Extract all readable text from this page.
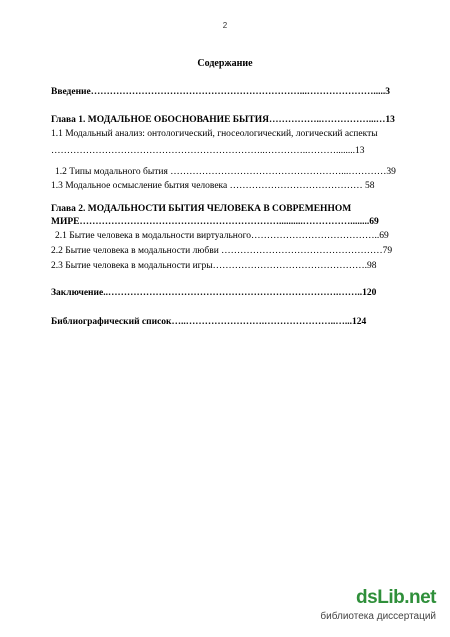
2
Содержание
Введение…………………………………………………………...………………….....3
Глава 1. МОДАЛЬНОЕ ОБОСНОВАНИЕ БЫТИЯ……………..……………...…13
1.1 Модальный анализ: онтологический, гносеологический, логический аспекты
…………………………………………………………..…………..………........13
1.2 Типы модального бытия ………………………………………………...…………39
1.3 Модальное осмысление бытия человека …………………………………… 58
Глава 2. МОДАЛЬНОСТИ БЫТИЯ ЧЕЛОВЕКА В СОВРЕМЕННОМ
МИРЕ………………………………………………………..........……………........69
2.1 Бытие человека в модальности виртуального…………………………………..69
2.2 Бытие человека в модальности любви ……………………………………………79
2.3 Бытие человека в модальности игры………………………………………….98
Заключение..……………………………………………………………….……..120
Библиографический список…..…………………….…………………..…...124
dsLib.net
библиотека диссертаций
